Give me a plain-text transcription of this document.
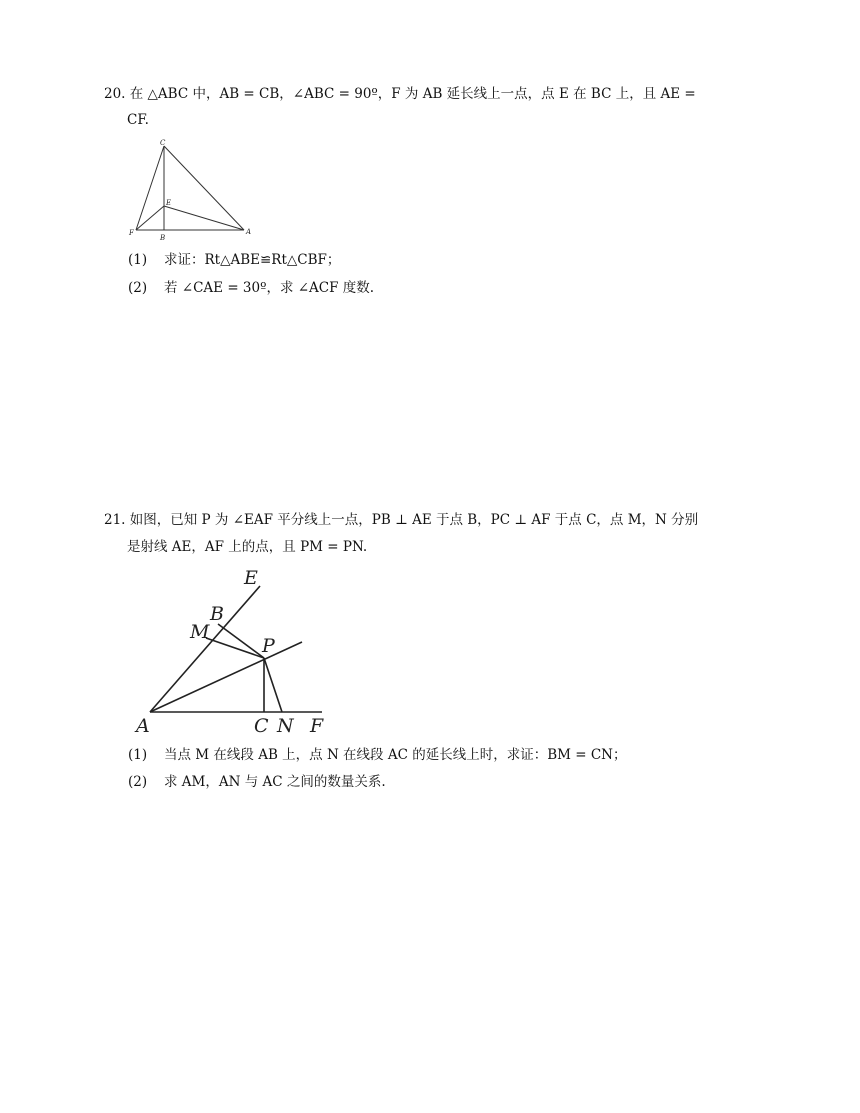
20. 在 △ABC 中，AB = CB，∠ABC = 90º，F 为 AB 延长线上一点，点 E 在 BC 上，且 AE =
CF.
C
E
F
B
A
(1) 求证：Rt△ABE≌Rt△CBF；
(2) 若 ∠CAE = 30º，求 ∠ACF 度数.
21. 如图，已知 P 为 ∠EAF 平分线上一点，PB ⊥ AE 于点 B，PC ⊥ AF 于点 C，点 M，N 分别
是射线 AE，AF 上的点，且 PM = PN.
E
B
M
P
A	C N F
(1) 当点 M 在线段 AB 上，点 N 在线段 AC 的延长线上时，求证：BM = CN；
(2) 求 AM，AN 与 AC 之间的数量关系.
